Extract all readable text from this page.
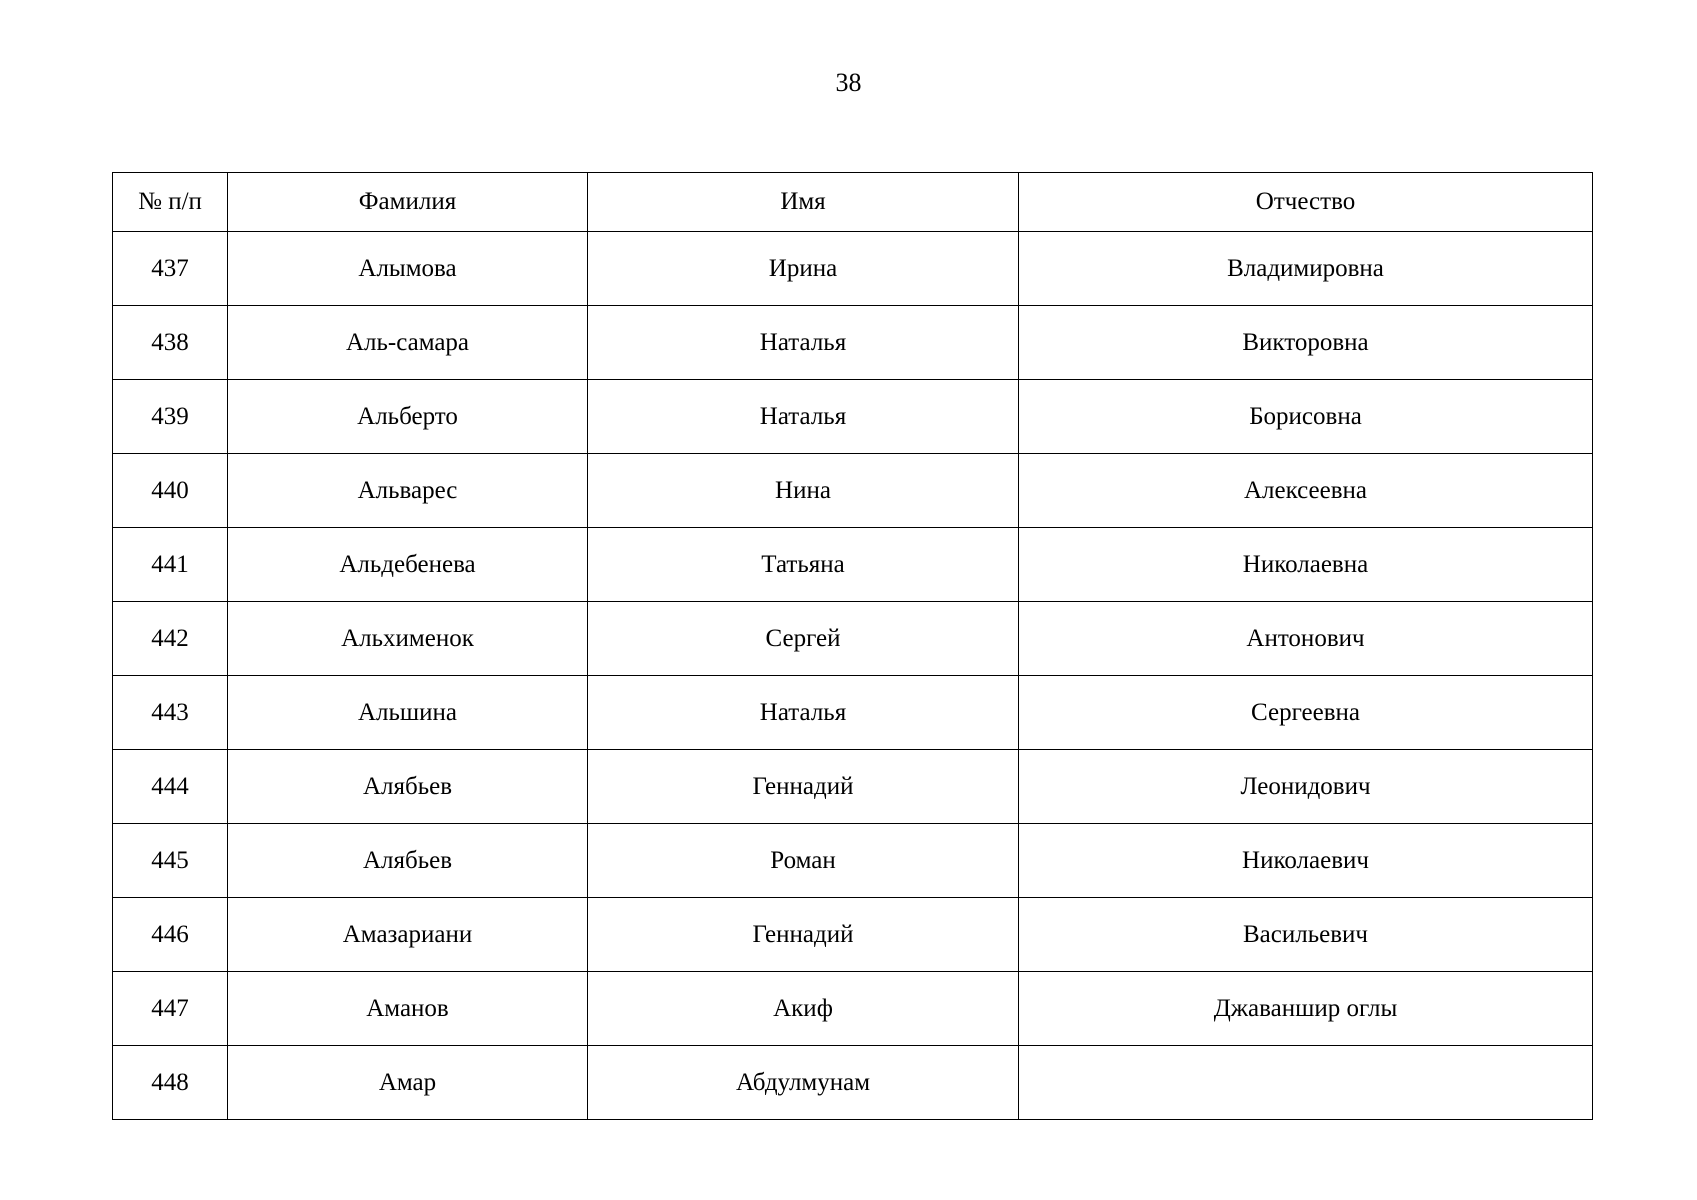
38
№ п/п	Фамилия	Имя	Отчество
437	Алымова	Ирина	Владимировна
438	Аль-самара	Наталья	Викторовна
439	Альберто	Наталья	Борисовна
440	Альварес	Нина	Алексеевна
441	Альдебенева	Татьяна	Николаевна
442	Альхименок	Сергей	Антонович
443	Альшина	Наталья	Сергеевна
444	Алябьев	Геннадий	Леонидович
445	Алябьев	Роман	Николаевич
446	Амазариани	Геннадий	Васильевич
447	Аманов	Акиф	Джаваншир оглы
448	Амар	Абдулмунам	
